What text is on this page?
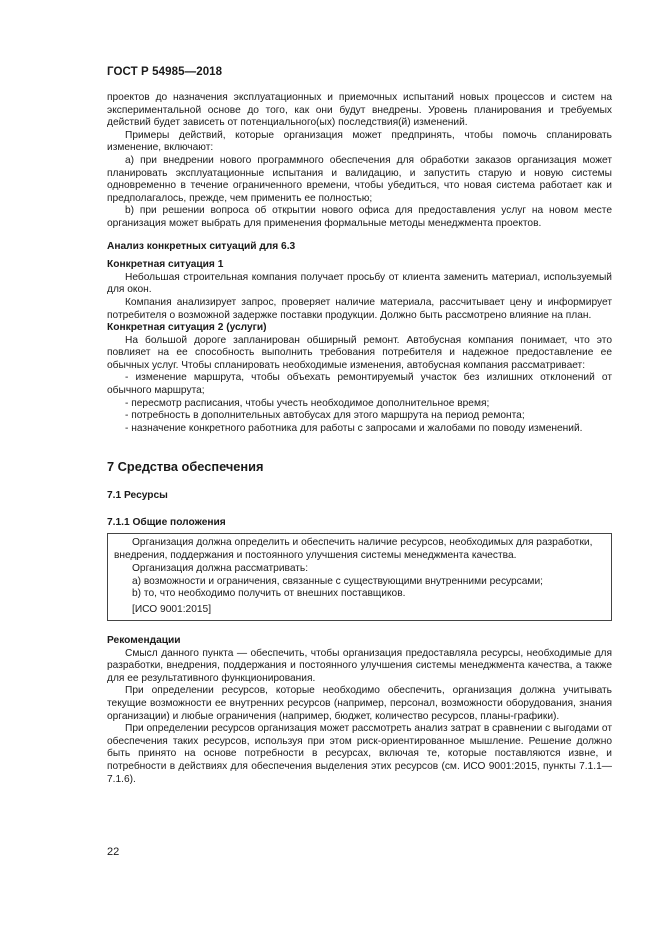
ГОСТ Р 54985—2018

проектов до назначения эксплуатационных и приемочных испытаний новых процессов и систем на экспериментальной основе до того, как они будут внедрены. Уровень планирования и требуемых действий будет зависеть от потенциального(ых) последствия(й) изменений.

Примеры действий, которые организация может предпринять, чтобы помочь спланировать изменение, включают:

а) при внедрении нового программного обеспечения для обработки заказов организация может планировать эксплуатационные испытания и валидацию, и запустить старую и новую системы одновременно в течение ограниченного времени, чтобы убедиться, что новая система работает как и предполагалось, прежде, чем применить ее полностью;

b) при решении вопроса об открытии нового офиса для предоставления услуг на новом месте организация может выбрать для применения формальные методы менеджмента проектов.

Анализ конкретных ситуаций для 6.3

Конкретная ситуация 1

Небольшая строительная компания получает просьбу от клиента заменить материал, используемый для окон.

Компания анализирует запрос, проверяет наличие материала, рассчитывает цену и информирует потребителя о возможной задержке поставки продукции. Должно быть рассмотрено влияние на план.

Конкретная ситуация 2 (услуги)

На большой дороге запланирован обширный ремонт. Автобусная компания понимает, что это повлияет на ее способность выполнить требования потребителя и надежное предоставление ее обычных услуг. Чтобы спланировать необходимые изменения, автобусная компания рассматривает:

- изменение маршрута, чтобы объехать ремонтируемый участок без излишних отклонений от обычного маршрута;

- пересмотр расписания, чтобы учесть необходимое дополнительное время;

- потребность в дополнительных автобусах для этого маршрута на период ремонта;

- назначение конкретного работника для работы с запросами и жалобами по поводу изменений.

7 Средства обеспечения

7.1 Ресурсы

7.1.1 Общие положения

Организация должна определить и обеспечить наличие ресурсов, необходимых для разработки, внедрения, поддержания и постоянного улучшения системы менеджмента качества.

Организация должна рассматривать:

а) возможности и ограничения, связанные с существующими внутренними ресурсами;

b) то, что необходимо получить от внешних поставщиков.

[ИСО 9001:2015]

Рекомендации

Смысл данного пункта — обеспечить, чтобы организация предоставляла ресурсы, необходимые для разработки, внедрения, поддержания и постоянного улучшения системы менеджмента качества, а также для ее результативного функционирования.

При определении ресурсов, которые необходимо обеспечить, организация должна учитывать текущие возможности ее внутренних ресурсов (например, персонал, возможности оборудования, знания организации) и любые ограничения (например, бюджет, количество ресурсов, планы-графики).

При определении ресурсов организация может рассмотреть анализ затрат в сравнении с выгодами от обеспечения таких ресурсов, используя при этом риск-ориентированное мышление. Решение должно быть принято на основе потребности в ресурсах, включая те, которые поставляются извне, и потребности в действиях для обеспечения выделения этих ресурсов (см. ИСО 9001:2015, пункты 7.1.1—7.1.6).

22
